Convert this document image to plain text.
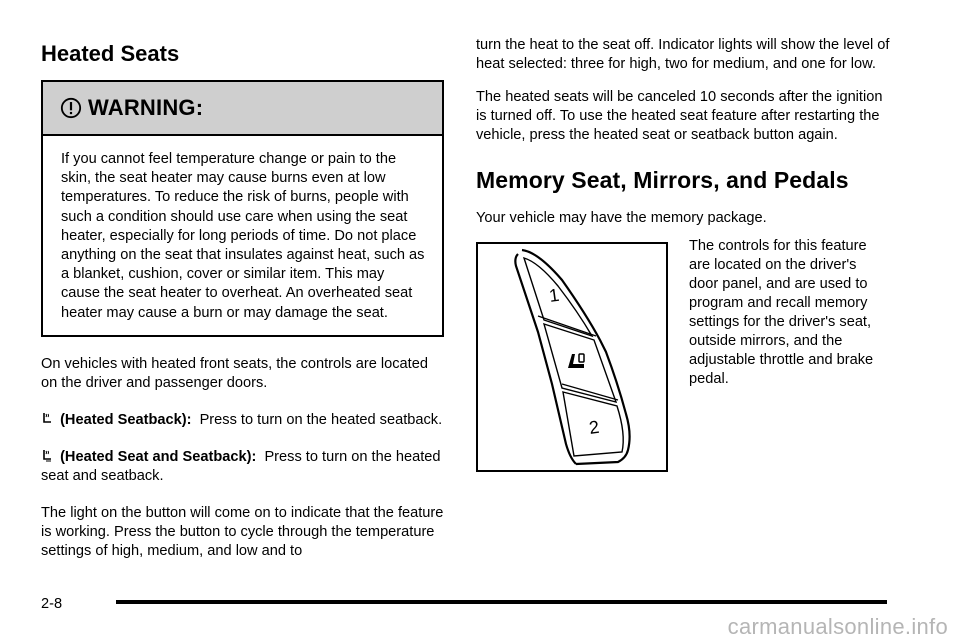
Heated Seats
WARNING:
If you cannot feel temperature change or pain to the skin, the seat heater may cause burns even at low temperatures. To reduce the risk of burns, people with such a condition should use care when using the seat heater, especially for long periods of time. Do not place anything on the seat that insulates against heat, such as a blanket, cushion, cover or similar item. This may cause the seat heater to overheat. An overheated seat heater may cause a burn or may damage the seat.

On vehicles with heated front seats, the controls are located on the driver and passenger doors.

(Heated Seatback): Press to turn on the heated seatback.

(Heated Seat and Seatback): Press to turn on the heated seat and seatback.

The light on the button will come on to indicate that the feature is working. Press the button to cycle through the temperature settings of high, medium, and low and to

turn the heat to the seat off. Indicator lights will show the level of heat selected: three for high, two for medium, and one for low.

The heated seats will be canceled 10 seconds after the ignition is turned off. To use the heated seat feature after restarting the vehicle, press the heated seat or seatback button again.

Memory Seat, Mirrors, and Pedals

Your vehicle may have the memory package.

1
2
The controls for this feature are located on the driver's door panel, and are used to program and recall memory settings for the driver's seat, outside mirrors, and the adjustable throttle and brake pedal.
2-8
carmanualsonline.info
